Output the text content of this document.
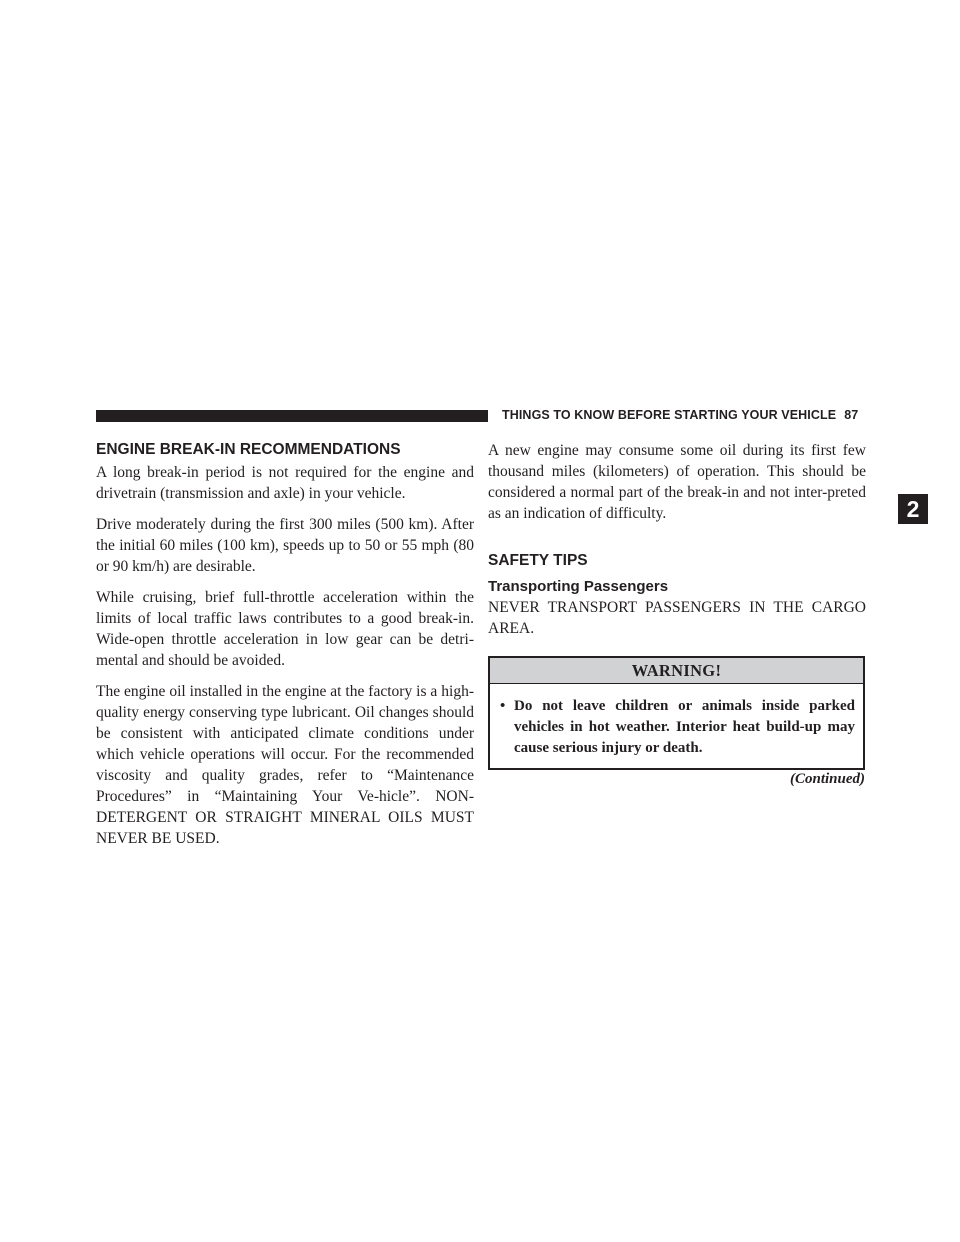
THINGS TO KNOW BEFORE STARTING YOUR VEHICLE 87
2
ENGINE BREAK-IN RECOMMENDATIONS

A long break-in period is not required for the engine and drivetrain (transmission and axle) in your vehicle.

Drive moderately during the first 300 miles (500 km). After the initial 60 miles (100 km), speeds up to 50 or 55 mph (80 or 90 km/h) are desirable.

While cruising, brief full-throttle acceleration within the limits of local traffic laws contributes to a good break-in. Wide-open throttle acceleration in low gear can be detri-mental and should be avoided.

The engine oil installed in the engine at the factory is a high-quality energy conserving type lubricant. Oil changes should be consistent with anticipated climate conditions under which vehicle operations will occur. For the recommended viscosity and quality grades, refer to “Maintenance Procedures” in “Maintaining Your Ve-hicle”. NON-DETERGENT OR STRAIGHT MINERAL OILS MUST NEVER BE USED.

A new engine may consume some oil during its first few thousand miles (kilometers) of operation. This should be considered a normal part of the break-in and not inter-preted as an indication of difficulty.

SAFETY TIPS
Transporting Passengers

NEVER TRANSPORT PASSENGERS IN THE CARGO AREA.

WARNING!
• Do not leave children or animals inside parked vehicles in hot weather. Interior heat build-up may cause serious injury or death.
(Continued)
